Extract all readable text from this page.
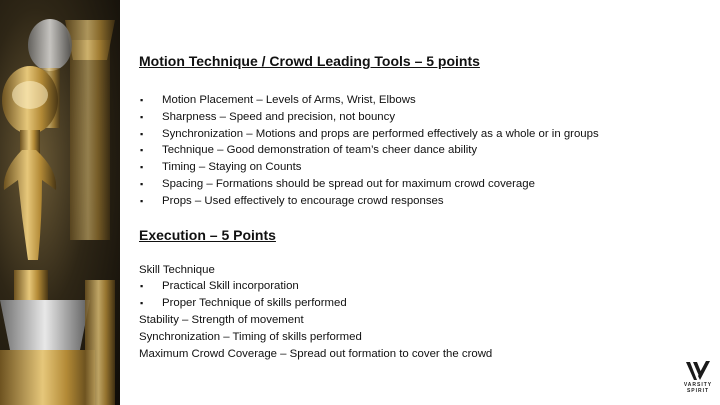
Motion Technique / Crowd Leading Tools – 5 points
▪ Motion Placement – Levels of Arms, Wrist, Elbows
▪ Sharpness – Speed and precision, not bouncy
▪ Synchronization – Motions and props are performed effectively as a whole or in groups
▪ Technique – Good demonstration of team’s cheer dance ability
▪ Timing – Staying on Counts
▪ Spacing – Formations should be spread out for maximum crowd coverage
▪ Props – Used effectively to encourage crowd responses
Execution – 5 Points
Skill Technique
▪ Practical Skill incorporation
▪ Proper Technique of skills performed
Stability – Strength of movement
Synchronization – Timing of skills performed
Maximum Crowd Coverage – Spread out formation to cover the crowd
VARSITY
SPIRIT
